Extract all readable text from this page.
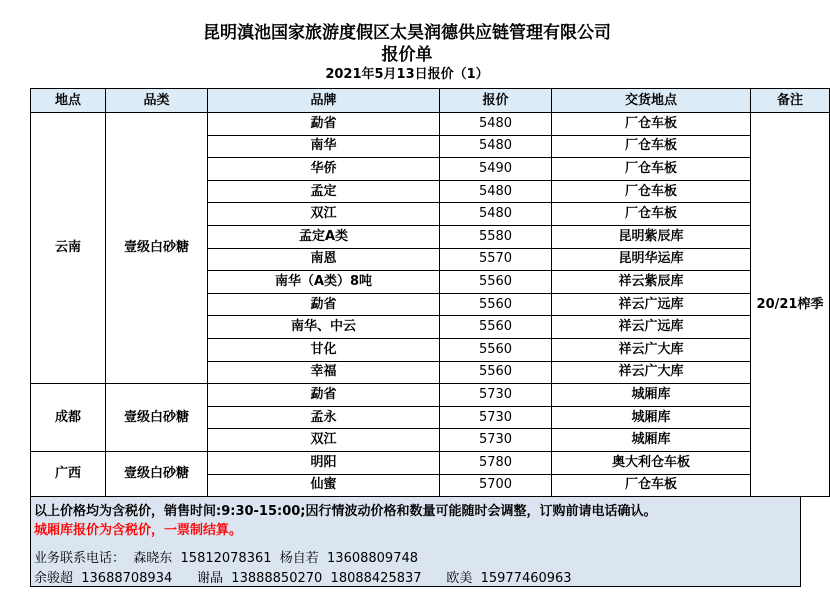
昆明滇池国家旅游度假区太昊润德供应链管理有限公司
报价单
2021年5月13日报价（1）
地点	品类	品牌	报价	交货地点	备注
云南	壹级白砂糖	勐省	5480	厂仓车板	20/21榨季
		南华	5480	厂仓车板	
		华侨	5490	厂仓车板	
		孟定	5480	厂仓车板	
		双江	5480	厂仓车板	
		孟定A类	5580	昆明紫辰库	
		南恩	5570	昆明华运库	
		南华（A类）8吨	5560	祥云紫辰库	
		勐省	5560	祥云广远库	
		南华、中云	5560	祥云广远库	
		甘化	5560	祥云广大库	
		幸福	5560	祥云广大库	
成都	壹级白砂糖	勐省	5730	城厢库	
		孟永	5730	城厢库	
		双江	5730	城厢库	
广西	壹级白砂糖	明阳	5780	奥大利仓车板	
		仙蜜	5700	厂仓车板	
以上价格均为含税价，销售时间:9:30-15:00;因行情波动价格和数量可能随时会调整，订购前请电话确认。
城厢库报价为含税价，一票制结算。
业务联系电话：  森晓东  15812078361  杨自若  13608809748
余骏超  13688708934      谢晶  13888850270  18088425837      欧美  15977460963
